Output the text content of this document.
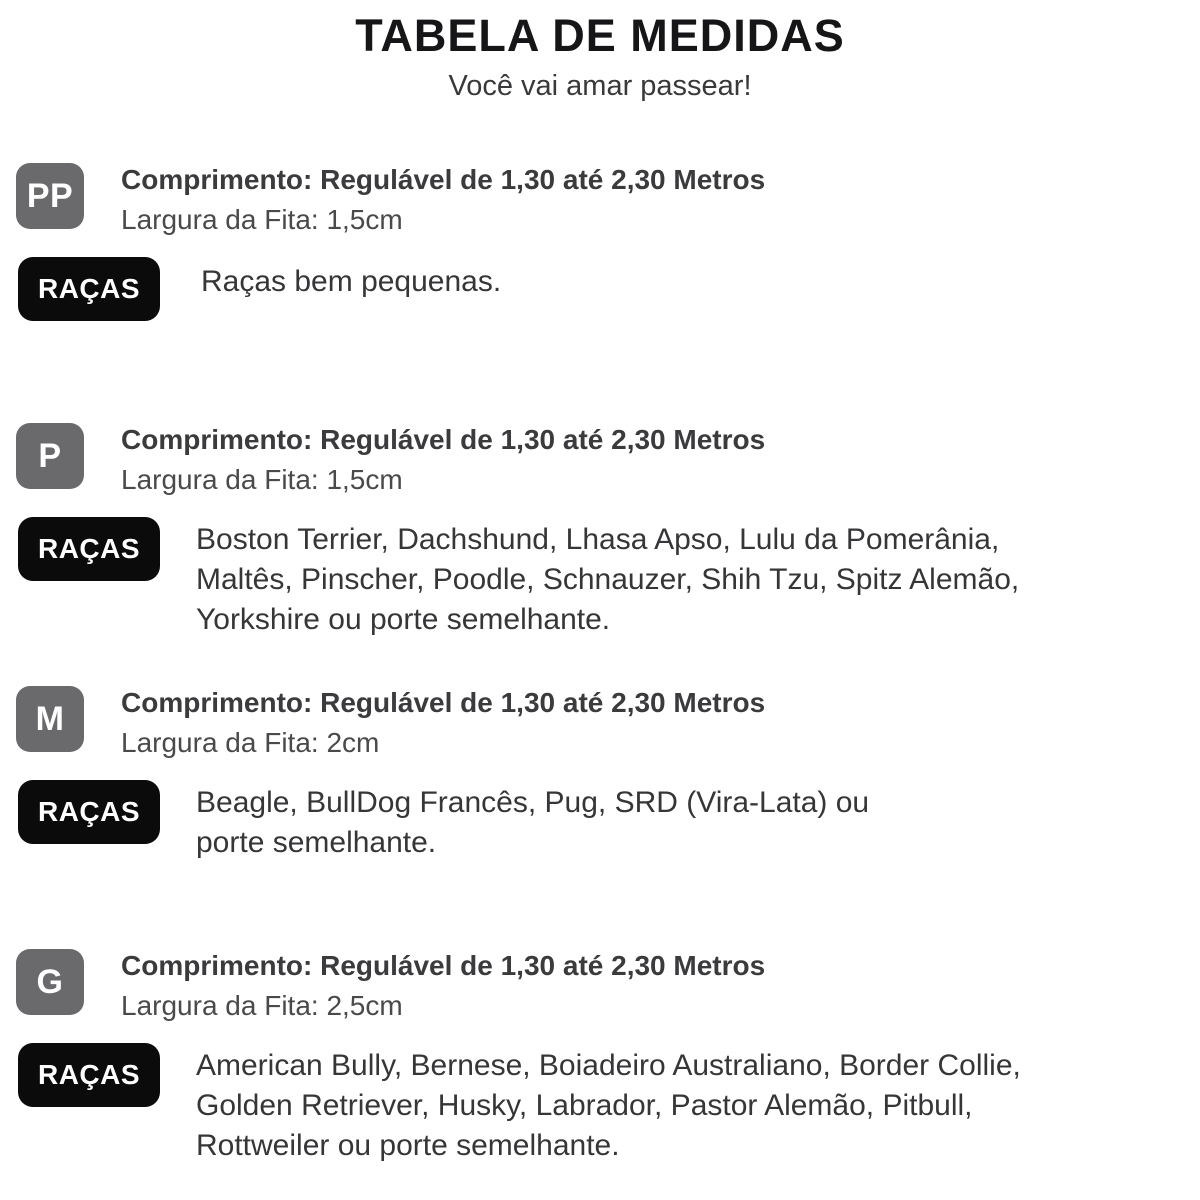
TABELA DE MEDIDAS

Você vai amar passear!

PP	Comprimento: Regulável de 1,30 até 2,30 Metros
Largura da Fita: 1,5cm
RAÇAS	Raças bem pequenas.
P	Comprimento: Regulável de 1,30 até 2,30 Metros
Largura da Fita: 1,5cm
RAÇAS	Boston Terrier, Dachshund, Lhasa Apso, Lulu da Pomerânia,
Maltês, Pinscher, Poodle, Schnauzer, Shih Tzu, Spitz Alemão,
Yorkshire ou porte semelhante.
M	Comprimento: Regulável de 1,30 até 2,30 Metros
Largura da Fita: 2cm
RAÇAS	Beagle, BullDog Francês, Pug, SRD (Vira-Lata) ou
porte semelhante.
G	Comprimento: Regulável de 1,30 até 2,30 Metros
Largura da Fita: 2,5cm
RAÇAS	American Bully, Bernese, Boiadeiro Australiano, Border Collie,
Golden Retriever, Husky, Labrador, Pastor Alemão, Pitbull,
Rottweiler ou porte semelhante.
